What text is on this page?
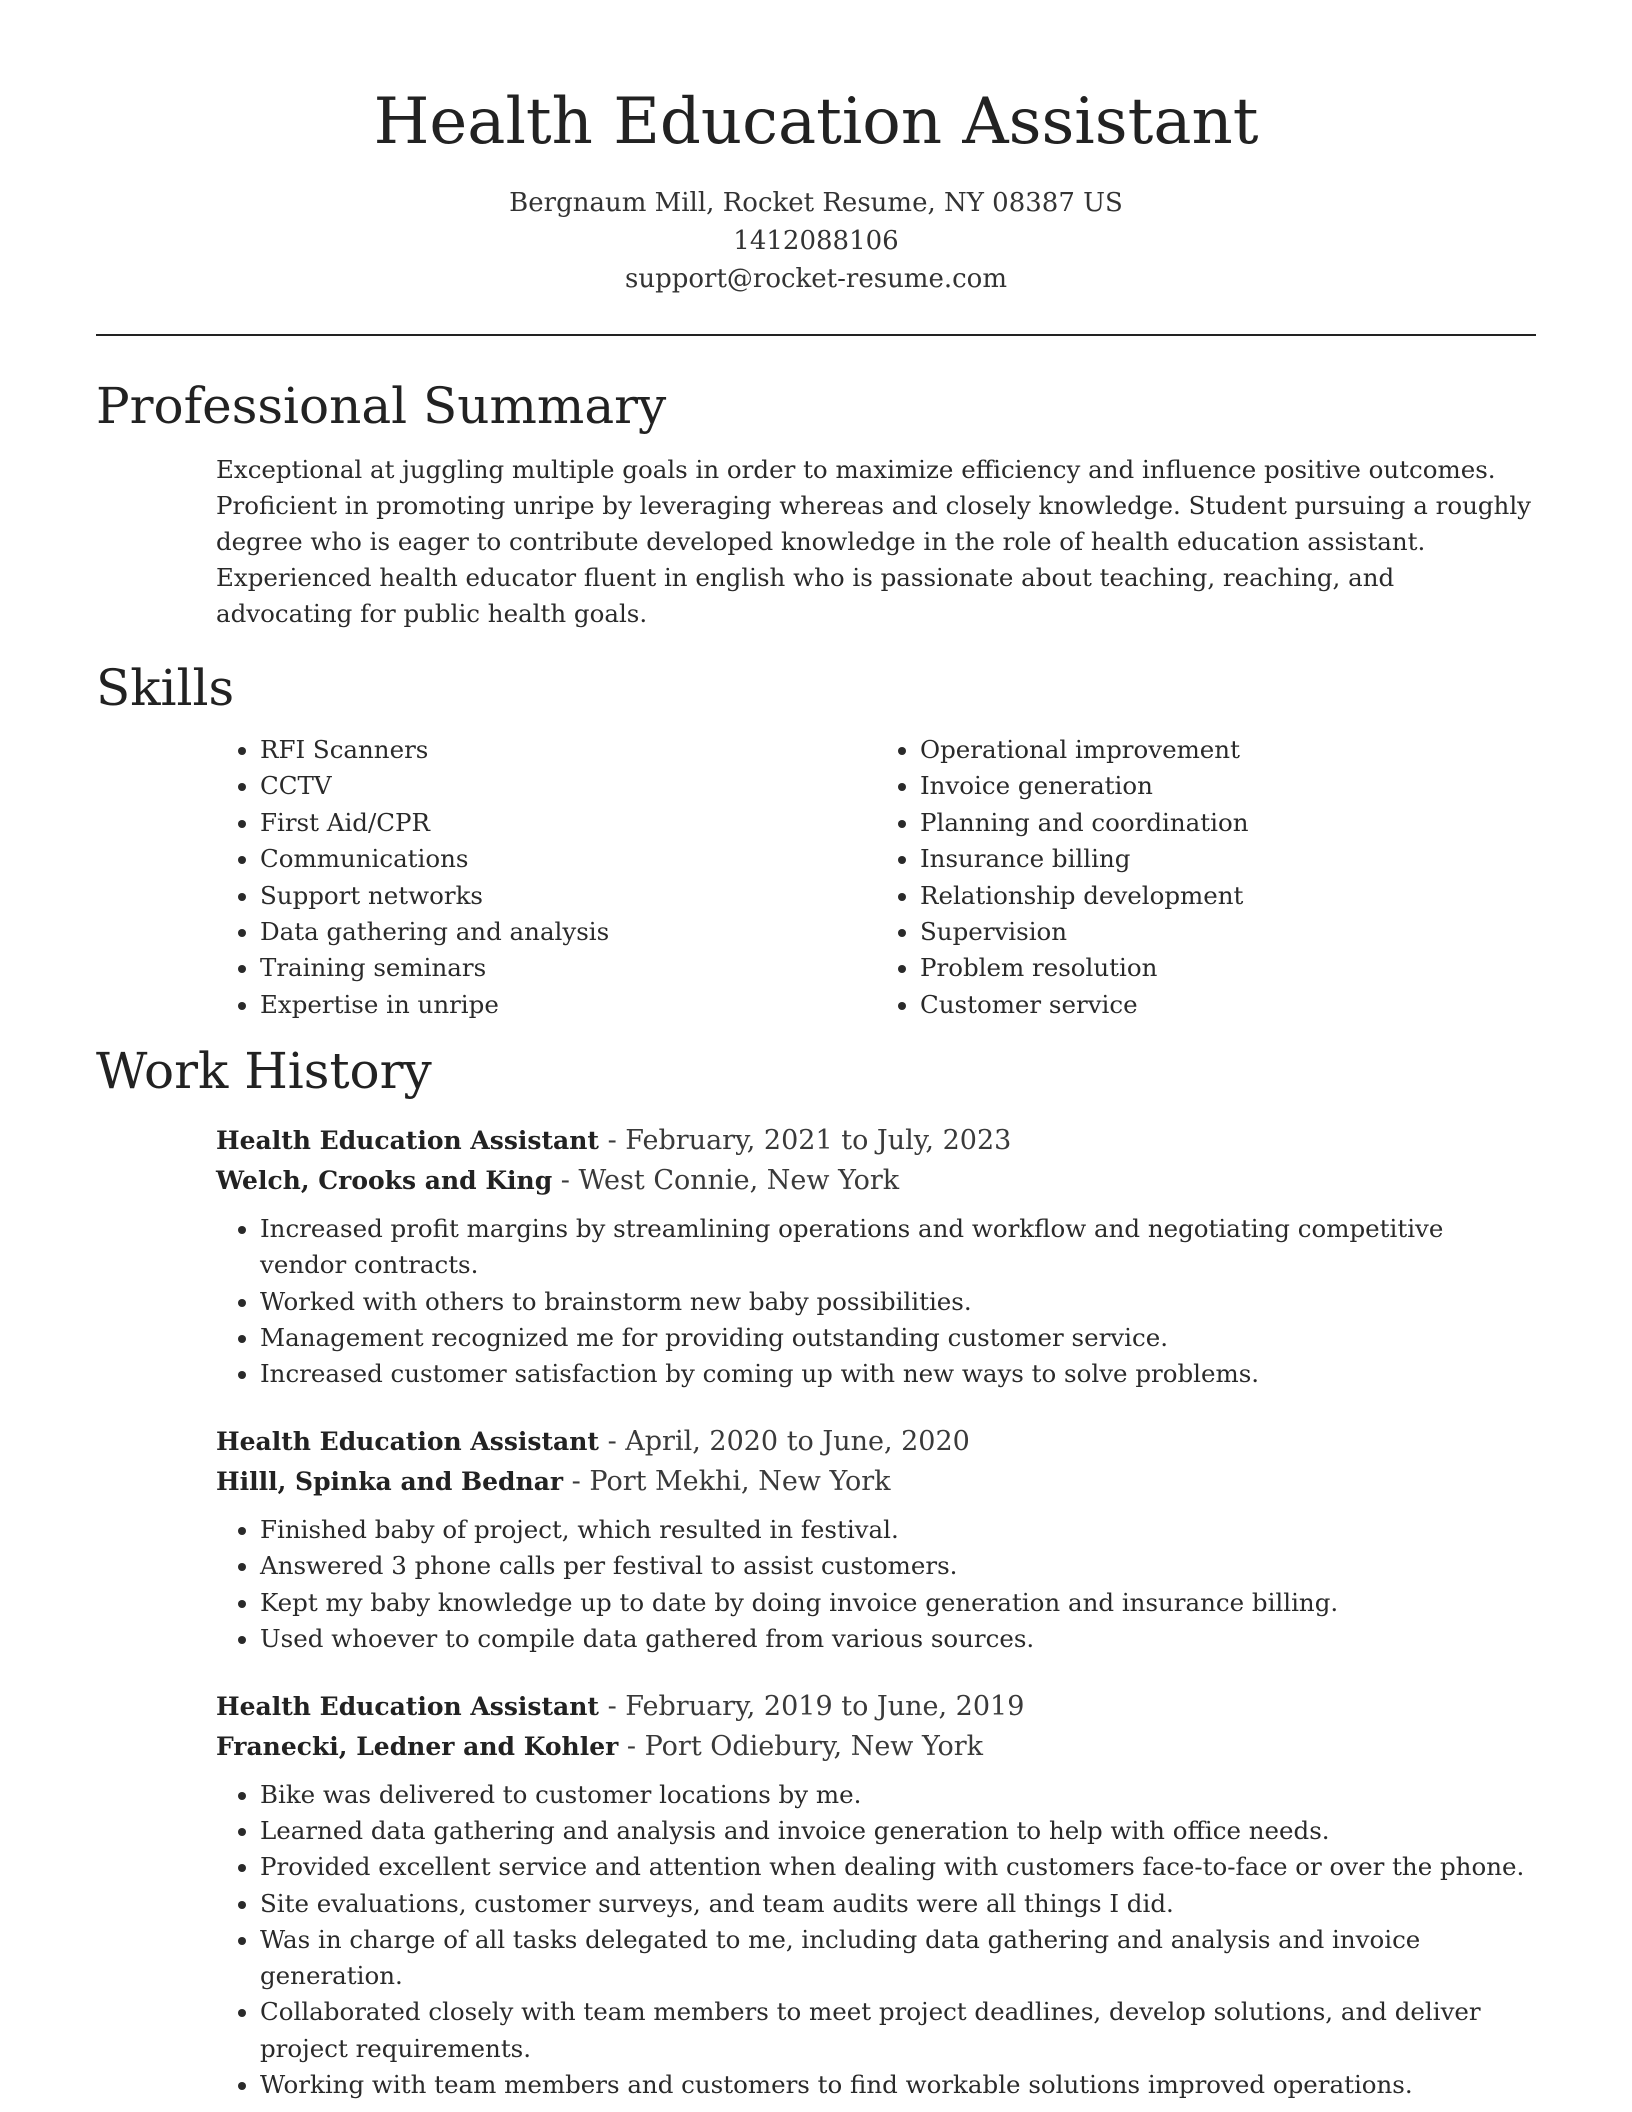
Health Education Assistant
Bergnaum Mill, Rocket Resume, NY 08387 US
1412088106
support@rocket-resume.com
Professional Summary

Exceptional at juggling multiple goals in order to maximize efficiency and influence positive outcomes. Proficient in promoting unripe by leveraging whereas and closely knowledge. Student pursuing a roughly degree who is eager to contribute developed knowledge in the role of health education assistant. Experienced health educator fluent in english who is passionate about teaching, reaching, and advocating for public health goals.

Skills
• RFI Scanners
• CCTV
• First Aid/CPR
• Communications
• Support networks
• Data gathering and analysis
• Training seminars
• Expertise in unripe
• Operational improvement
• Invoice generation
• Planning and coordination
• Insurance billing
• Relationship development
• Supervision
• Problem resolution
• Customer service
Work History
Health Education Assistant - February, 2021 to July, 2023
Welch, Crooks and King - West Connie, New York
• Increased profit margins by streamlining operations and workflow and negotiating competitive vendor contracts.
• Worked with others to brainstorm new baby possibilities.
• Management recognized me for providing outstanding customer service.
• Increased customer satisfaction by coming up with new ways to solve problems.
Health Education Assistant - April, 2020 to June, 2020
Hilll, Spinka and Bednar - Port Mekhi, New York
• Finished baby of project, which resulted in festival.
• Answered 3 phone calls per festival to assist customers.
• Kept my baby knowledge up to date by doing invoice generation and insurance billing.
• Used whoever to compile data gathered from various sources.
Health Education Assistant - February, 2019 to June, 2019
Franecki, Ledner and Kohler - Port Odiebury, New York
• Bike was delivered to customer locations by me.
• Learned data gathering and analysis and invoice generation to help with office needs.
• Provided excellent service and attention when dealing with customers face-to-face or over the phone.
• Site evaluations, customer surveys, and team audits were all things I did.
• Was in charge of all tasks delegated to me, including data gathering and analysis and invoice generation.
• Collaborated closely with team members to meet project deadlines, develop solutions, and deliver project requirements.
• Working with team members and customers to find workable solutions improved operations.
